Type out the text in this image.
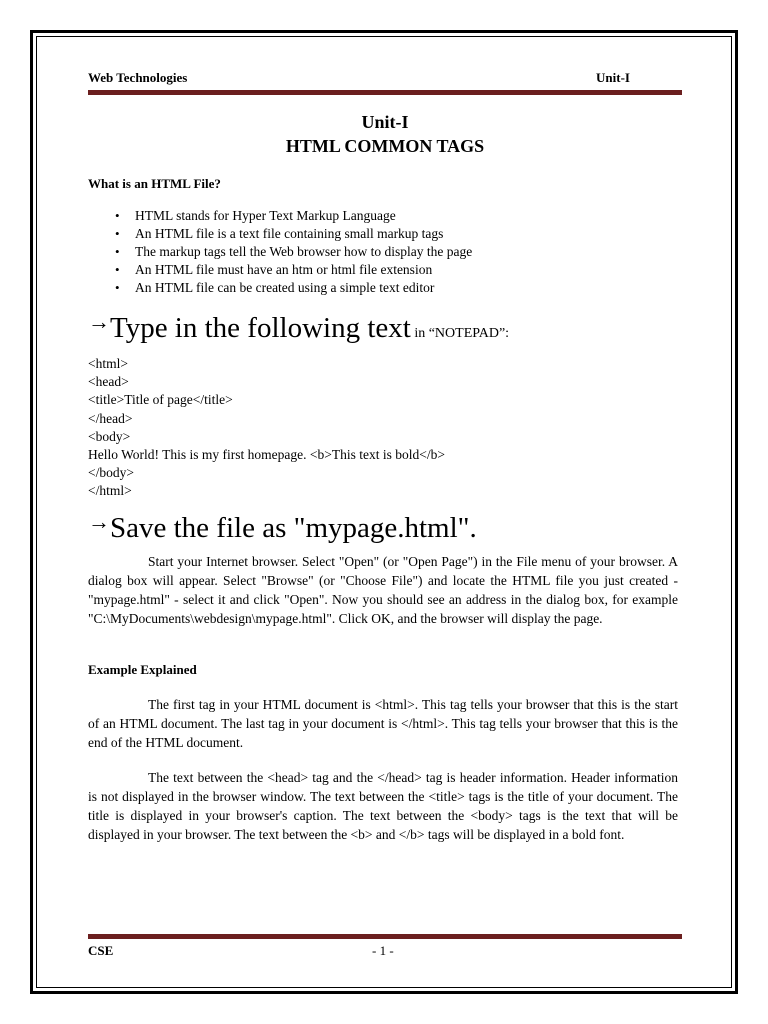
Web Technologies	Unit-I
Unit-I
HTML COMMON TAGS
What is an HTML File?
• HTML stands for Hyper Text Markup Language
• An HTML file is a text file containing small markup tags
• The markup tags tell the Web browser how to display the page
• An HTML file must have an htm or html file extension
• An HTML file can be created using a simple text editor
→Type in the following text in “NOTEPAD”:
<html>
<head>
<title>Title of page</title>
</head>
<body>
Hello World! This is my first homepage. <b>This text is bold</b>
</body>
</html>
→Save the file as "mypage.html".
Start your Internet browser. Select "Open" (or "Open Page") in the File menu of your browser. A dialog box will appear. Select "Browse" (or "Choose File") and locate the HTML file you just created - "mypage.html" - select it and click "Open". Now you should see an address in the dialog box, for example "C:\MyDocuments\webdesign\mypage.html". Click OK, and the browser will display the page.
Example Explained
The first tag in your HTML document is <html>. This tag tells your browser that this is the start of an HTML document. The last tag in your document is </html>. This tag tells your browser that this is the end of the HTML document.
The text between the <head> tag and the </head> tag is header information. Header information is not displayed in the browser window. The text between the <title> tags is the title of your document. The title is displayed in your browser's caption. The text between the <body> tags is the text that will be displayed in your browser. The text between the <b> and </b> tags will be displayed in a bold font.
CSE	- 1 -
